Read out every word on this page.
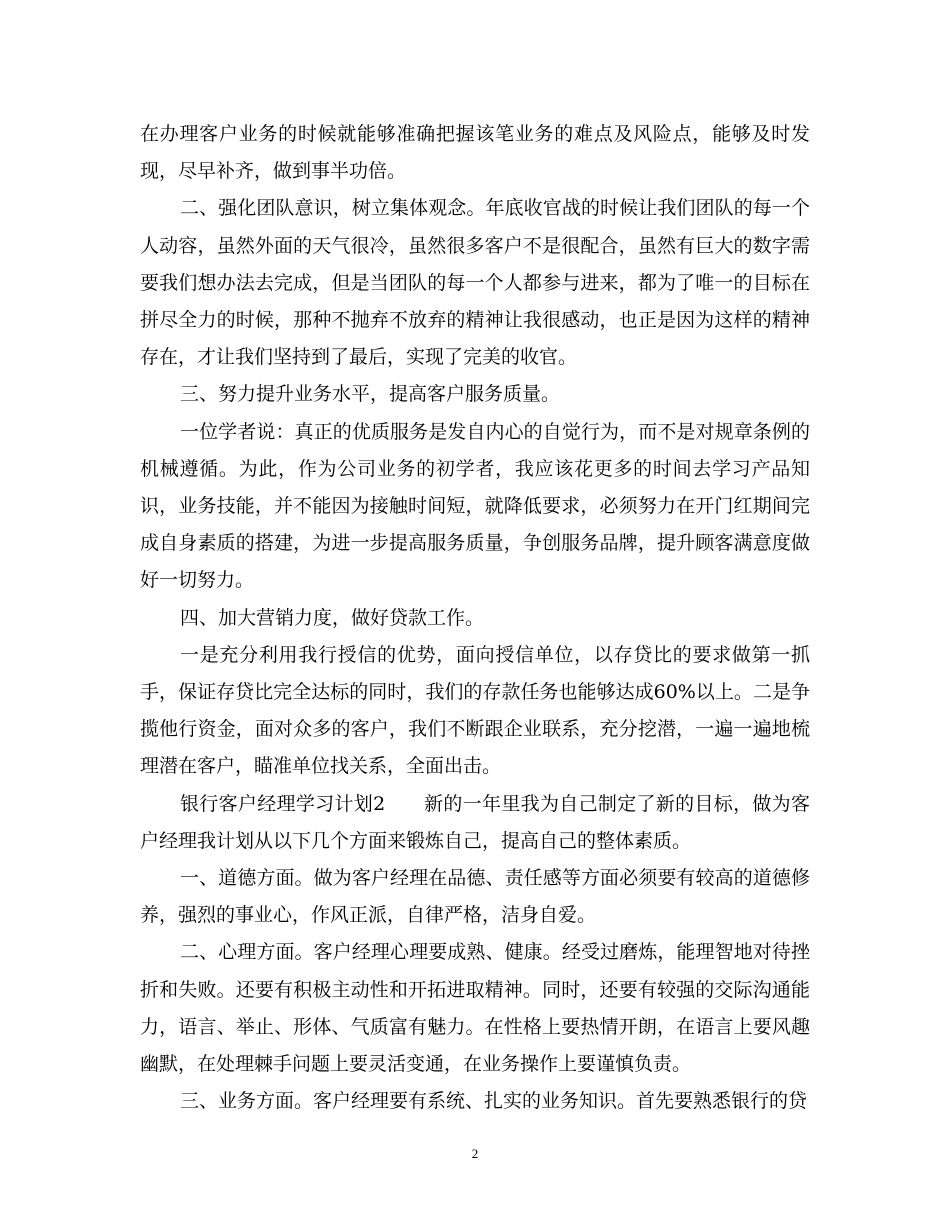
在办理客户业务的时候就能够准确把握该笔业务的难点及风险点，能够及时发现，尽早补齐，做到事半功倍。

二、强化团队意识，树立集体观念。年底收官战的时候让我们团队的每一个人动容，虽然外面的天气很冷，虽然很多客户不是很配合，虽然有巨大的数字需要我们想办法去完成，但是当团队的每一个人都参与进来，都为了唯一的目标在拼尽全力的时候，那种不抛弃不放弃的精神让我很感动，也正是因为这样的精神存在，才让我们坚持到了最后，实现了完美的收官。

三、努力提升业务水平，提高客户服务质量。

一位学者说：真正的优质服务是发自内心的自觉行为，而不是对规章条例的机械遵循。为此，作为公司业务的初学者，我应该花更多的时间去学习产品知识，业务技能，并不能因为接触时间短，就降低要求，必须努力在开门红期间完成自身素质的搭建，为进一步提高服务质量，争创服务品牌，提升顾客满意度做好一切努力。

四、加大营销力度，做好贷款工作。

一是充分利用我行授信的优势，面向授信单位，以存贷比的要求做第一抓手，保证存贷比完全达标的同时，我们的存款任务也能够达成60%以上。二是争揽他行资金，面对众多的客户，我们不断跟企业联系，充分挖潜，一遍一遍地梳理潜在客户，瞄准单位找关系，全面出击。

银行客户经理学习计划2　　新的一年里我为自己制定了新的目标，做为客户经理我计划从以下几个方面来锻炼自己，提高自己的整体素质。

一、道德方面。做为客户经理在品德、责任感等方面必须要有较高的道德修养，强烈的事业心，作风正派，自律严格，洁身自爱。

二、心理方面。客户经理心理要成熟、健康。经受过磨炼，能理智地对待挫折和失败。还要有积极主动性和开拓进取精神。同时，还要有较强的交际沟通能力，语言、举止、形体、气质富有魅力。在性格上要热情开朗，在语言上要风趣幽默，在处理棘手问题上要灵活变通，在业务操作上要谨慎负责。

三、业务方面。客户经理要有系统、扎实的业务知识。首先要熟悉银行的贷

2
